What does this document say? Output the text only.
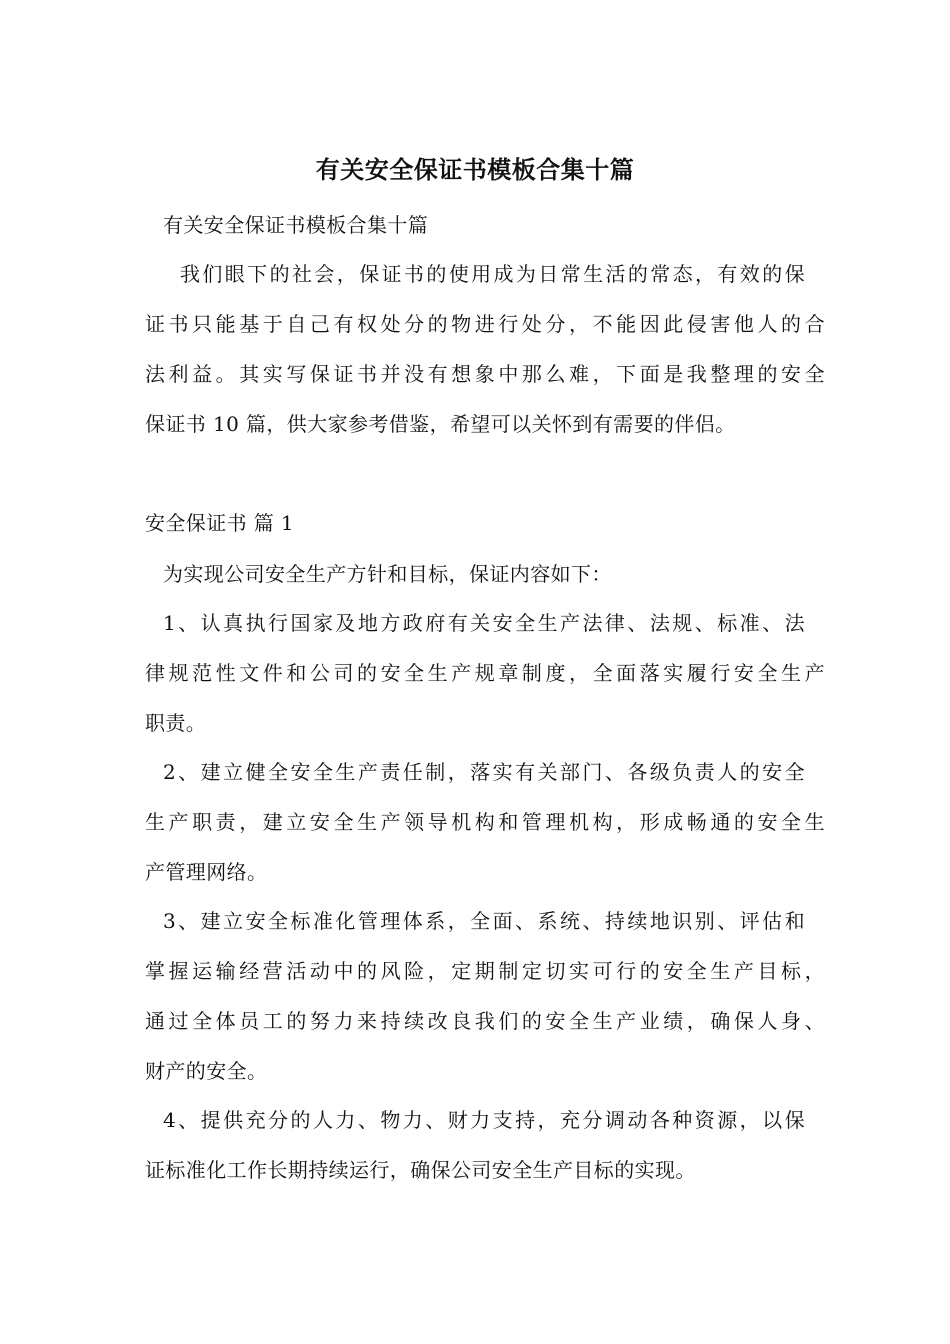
有关安全保证书模板合集十篇
有关安全保证书模板合集十篇
我们眼下的社会，保证书的使用成为日常生活的常态，有效的保
证书只能基于自己有权处分的物进行处分，不能因此侵害他人的合
法利益。其实写保证书并没有想象中那么难，下面是我整理的安全
保证书 10 篇，供大家参考借鉴，希望可以关怀到有需要的伴侣。
安全保证书 篇 1
为实现公司安全生产方针和目标，保证内容如下：
1、认真执行国家及地方政府有关安全生产法律、法规、标准、法
律规范性文件和公司的安全生产规章制度，全面落实履行安全生产
职责。
2、建立健全安全生产责任制，落实有关部门、各级负责人的安全
生产职责，建立安全生产领导机构和管理机构，形成畅通的安全生
产管理网络。
3、建立安全标准化管理体系，全面、系统、持续地识别、评估和
掌握运输经营活动中的风险，定期制定切实可行的安全生产目标，
通过全体员工的努力来持续改良我们的安全生产业绩，确保人身、
财产的安全。
4、提供充分的人力、物力、财力支持，充分调动各种资源，以保
证标准化工作长期持续运行，确保公司安全生产目标的实现。
